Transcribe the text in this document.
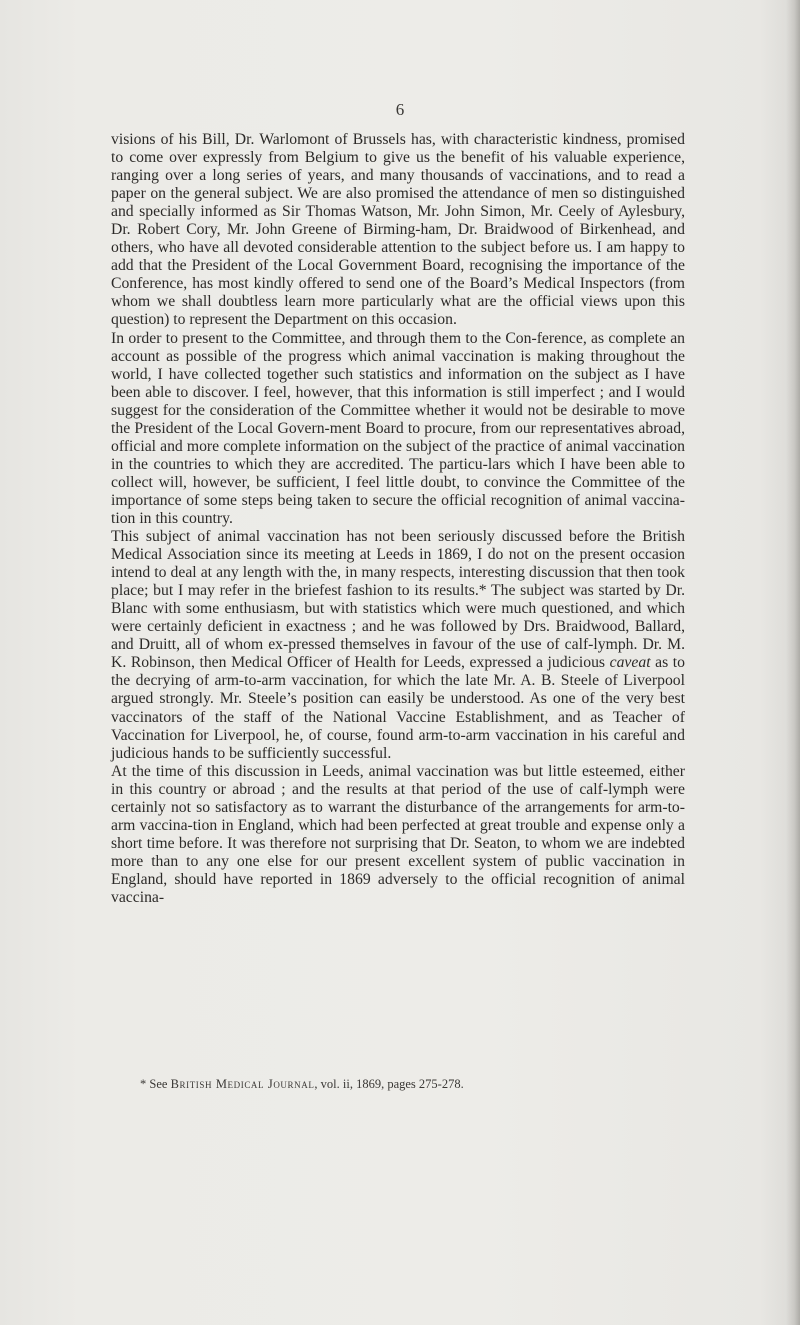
6

visions of his Bill, Dr. Warlomont of Brussels has, with characteristic kindness, promised to come over expressly from Belgium to give us the benefit of his valuable experience, ranging over a long series of years, and many thousands of vaccinations, and to read a paper on the general subject. We are also promised the attendance of men so distinguished and specially informed as Sir Thomas Watson, Mr. John Simon, Mr. Ceely of Aylesbury, Dr. Robert Cory, Mr. John Greene of Birming-ham, Dr. Braidwood of Birkenhead, and others, who have all devoted considerable attention to the subject before us. I am happy to add that the President of the Local Government Board, recognising the importance of the Conference, has most kindly offered to send one of the Board’s Medical Inspectors (from whom we shall doubtless learn more particularly what are the official views upon this question) to represent the Department on this occasion.

In order to present to the Committee, and through them to the Con-ference, as complete an account as possible of the progress which animal vaccination is making throughout the world, I have collected together such statistics and information on the subject as I have been able to discover. I feel, however, that this information is still imperfect ; and I would suggest for the consideration of the Committee whether it would not be desirable to move the President of the Local Govern-ment Board to procure, from our representatives abroad, official and more complete information on the subject of the practice of animal vaccination in the countries to which they are accredited. The particu-lars which I have been able to collect will, however, be sufficient, I feel little doubt, to convince the Committee of the importance of some steps being taken to secure the official recognition of animal vaccina-tion in this country.

This subject of animal vaccination has not been seriously discussed before the British Medical Association since its meeting at Leeds in 1869, I do not on the present occasion intend to deal at any length with the, in many respects, interesting discussion that then took place; but I may refer in the briefest fashion to its results.* The subject was started by Dr. Blanc with some enthusiasm, but with statistics which were much questioned, and which were certainly deficient in exactness ; and he was followed by Drs. Braidwood, Ballard, and Druitt, all of whom ex-pressed themselves in favour of the use of calf-lymph. Dr. M. K. Robinson, then Medical Officer of Health for Leeds, expressed a judicious caveat as to the decrying of arm-to-arm vaccination, for which the late Mr. A. B. Steele of Liverpool argued strongly. Mr. Steele’s position can easily be understood. As one of the very best vaccinators of the staff of the National Vaccine Establishment, and as Teacher of Vaccination for Liverpool, he, of course, found arm-to-arm vaccination in his careful and judicious hands to be sufficiently successful.

At the time of this discussion in Leeds, animal vaccination was but little esteemed, either in this country or abroad ; and the results at that period of the use of calf-lymph were certainly not so satisfactory as to warrant the disturbance of the arrangements for arm-to-arm vaccina-tion in England, which had been perfected at great trouble and expense only a short time before. It was therefore not surprising that Dr. Seaton, to whom we are indebted more than to any one else for our present excellent system of public vaccination in England, should have reported in 1869 adversely to the official recognition of animal vaccina-

* See British Medical Journal, vol. ii, 1869, pages 275-278.
